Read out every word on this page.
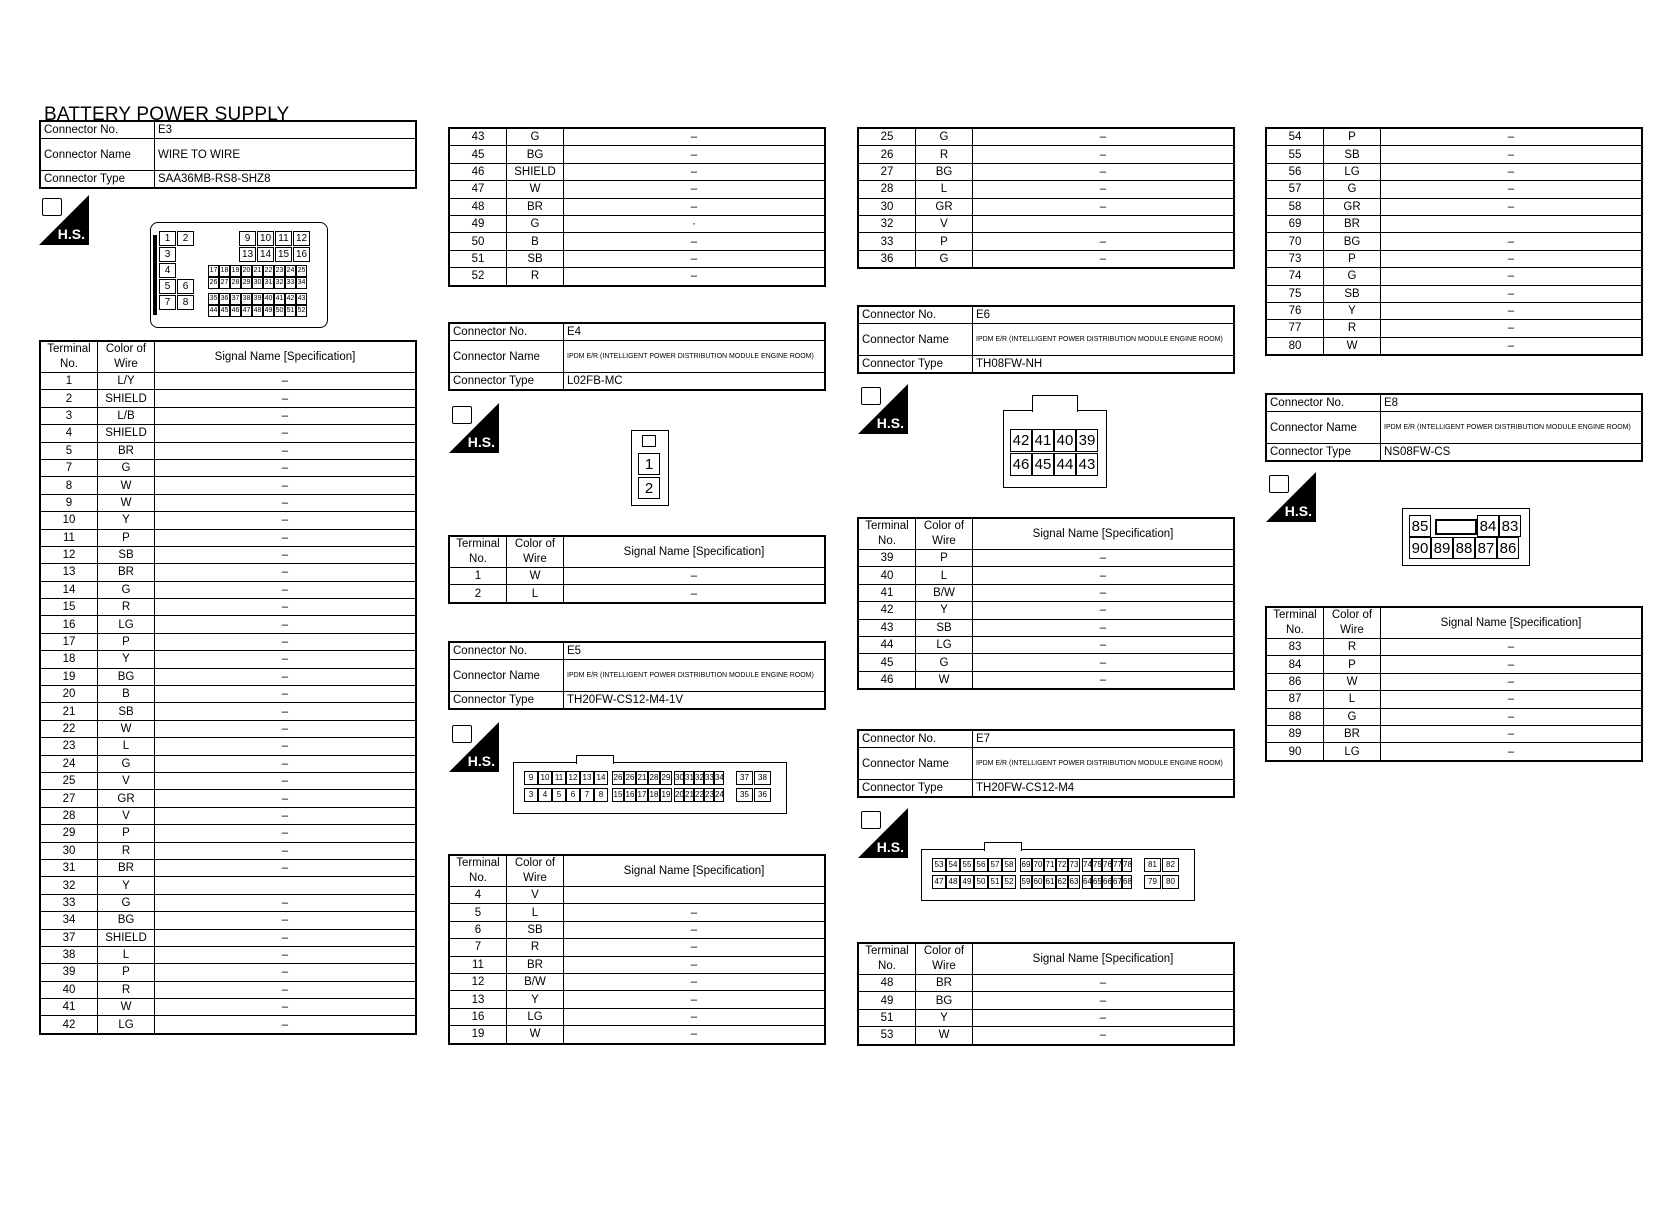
BATTERY POWER SUPPLY
Connector No.	E3
Connector Name	WIRE TO WIRE
Connector Type	SAA36MB-RS8-SHZ8
H.S.	1	2	9 10 11 12
3	13 14 15 16
4
5	6
7	8
17 18 19 20 21 22 23 24 25
26 27 28 29 30 31 32 33 34
35 36 37 38 39 40 41 42 43
44 45 46 47 48 49 50 51 52
Terminal No.	Color of Wire	Signal Name [Specification]
1	L/Y	–
2	SHIELD	–
3	L/B	–
4	SHIELD	–
5	BR	–
7	G	–
8	W	–
9	W	–
10	Y	–
11	P	–
12	SB	–
13	BR	–
14	G	–
15	R	–
16	LG	–
17	P	–
18	Y	–
19	BG	–
20	B	–
21	SB	–
22	W	–
23	L	–
24	G	–
25	V	–
27	GR	–
28	V	–
29	P	–
30	R	–
31	BR	–
32	Y	
33	G	–
34	BG	–
37	SHIELD	–
38	L	–
39	P	–
40	R	–
41	W	–
42	LG	–
43	G	–
45	BG	–
46	SHIELD	–
47	W	–
48	BR	–
49	G	·
50	B	–
51	SB	–
52	R	–
Connector No.	E4
Connector Name	IPDM E/R (INTELLIGENT POWER DISTRIBUTION MODULE ENGINE ROOM)
Connector Type	L02FB-MC
H.S.
1
2
Terminal No.	Color of Wire	Signal Name [Specification]
1	W	–
2	L	–
Connector No.	E5
Connector Name	IPDM E/R (INTELLIGENT POWER DISTRIBUTION MODULE ENGINE ROOM)
Connector Type	TH20FW-CS12-M4-1V
H.S.
9 10 11 12 13 14	26 26 21 28 29 30 31 32 33 34	37	38
3	4	5	6	7	8	15 16 17 18 19 20 21 22 23 24	35	36
Terminal No.	Color of Wire	Signal Name [Specification]
4	V	
5	L	–
6	SB	–
7	R	–
11	BR	–
12	B/W	–
13	Y	–
16	LG	–
19	W	–
25	G	–
26	R	–
27	BG	–
28	L	–
30	GR	–
32	V	
33	P	–
36	G	–
Connector No.	E6
Connector Name	IPDM E/R (INTELLIGENT POWER DISTRIBUTION MODULE ENGINE ROOM)
Connector Type	TH08FW-NH
H.S.
42 41 40 39
46 45 44 43
Terminal No.	Color of Wire	Signal Name [Specification]
39	P	–
40	L	–
41	B/W	–
42	Y	–
43	SB	–
44	LG	–
45	G	–
46	W	–
Connector No.	E7
Connector Name	IPDM E/R (INTELLIGENT POWER DISTRIBUTION MODULE ENGINE ROOM)
Connector Type	TH20FW-CS12-M4
H.S.
53 54 55 56 57 58	69 70 71 72 73 74 75 76 77 78	81	82
47 48 49 50 51 52	59 60 61 62 63 64 65 66 67 68	79	80
Terminal No.	Color of Wire	Signal Name [Specification]
48	BR	–
49	BG	–
51	Y	–
53	W	–
54	P	–
55	SB	–
56	LG	–
57	G	–
58	GR	–
69	BR	
70	BG	–
73	P	–
74	G	–
75	SB	–
76	Y	–
77	R	–
80	W	–
Connector No.	E8
Connector Name	IPDM E/R (INTELLIGENT POWER DISTRIBUTION MODULE ENGINE ROOM)
Connector Type	NS08FW-CS
H.S.
85	84 83
90 89 88 87 86
Terminal No.	Color of Wire	Signal Name [Specification]
83	R	–
84	P	–
86	W	–
87	L	–
88	G	–
89	BR	–
90	LG	–
